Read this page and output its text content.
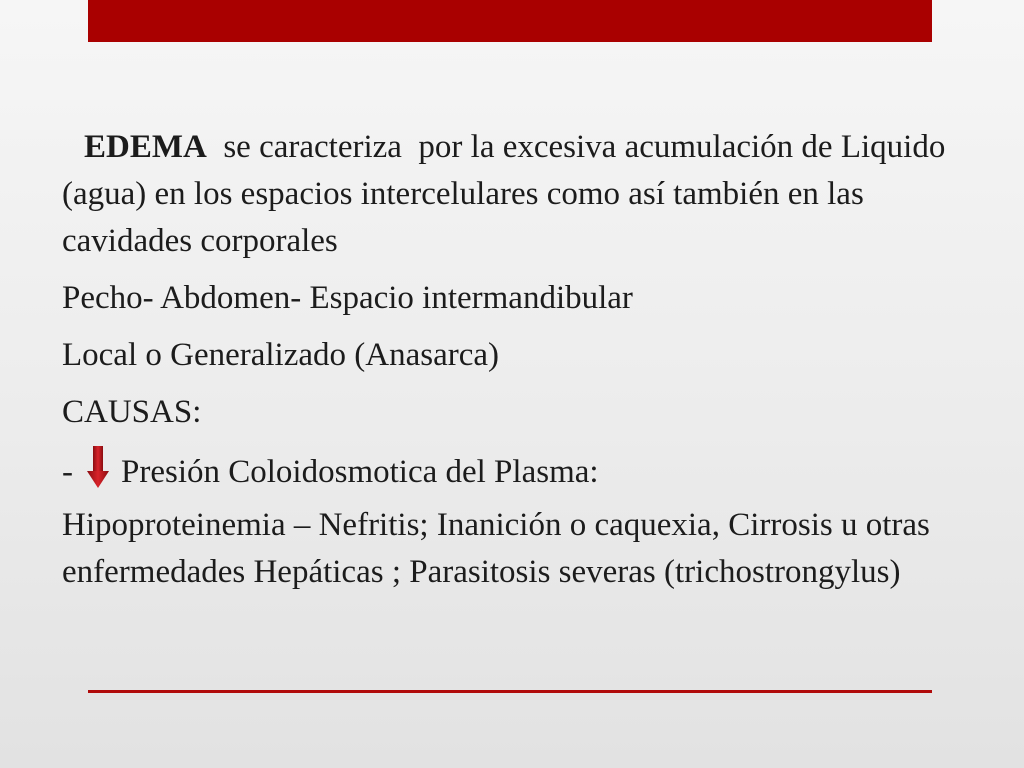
EDEMA  se caracteriza  por la excesiva acumulación de Liquido (agua) en los espacios intercelulares como así también en las cavidades corporales

Pecho- Abdomen- Espacio intermandibular

Local o Generalizado (Anasarca)

CAUSAS:

- Presión Coloidosmotica del Plasma:
Hipoproteinemia – Nefritis; Inanición o caquexia, Cirrosis u otras enfermedades Hepáticas ; Parasitosis severas (trichostrongylus)
